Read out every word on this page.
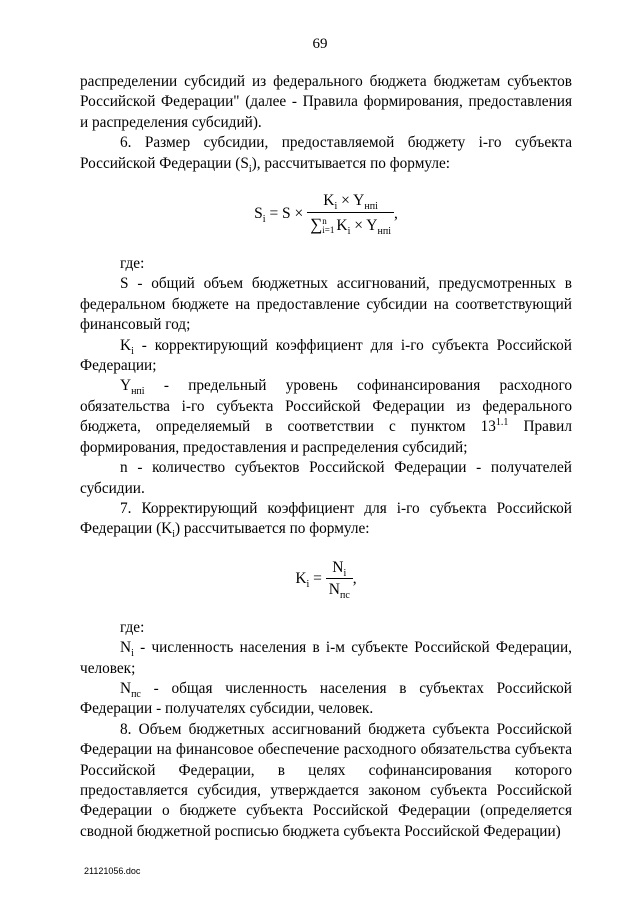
69

распределении субсидий из федерального бюджета бюджетам субъектов Российской Федерации" (далее - Правила формирования, предоставления и распределения субсидий).

6. Размер субсидии, предоставляемой бюджету i-го субъекта Российской Федерации $(S_i)$, рассчитывается по формуле:

$S_i = S \times K_i \times Y_{нпi}$
∑ n
i=1 $K_i \times Y_{нпi}$ ,

где:

S - общий объем бюджетных ассигнований, предусмотренных в федеральном бюджете на предоставление субсидии на соответствующий финансовый год;

$K_i$ - корректирующий коэффициент для i-го субъекта Российской Федерации;

$Y_{нпi}$ - предельный уровень софинансирования расходного обязательства i-го субъекта Российской Федерации из федерального бюджета, определяемый в соответствии с пунктом $13^{1.1}$ Правил формирования, предоставления и распределения субсидий;

n - количество субъектов Российской Федерации - получателей субсидии.

7. Корректирующий коэффициент для i-го субъекта Российской Федерации $(K_i)$ рассчитывается по формуле:

$K_i = \frac{N_i}{N_{пс}}$ ,

где:

$N_i$ - численность населения в i-м субъекте Российской Федерации, человек;

$N_{пс}$ - общая численность населения в субъектах Российской Федерации - получателях субсидии, человек.

8. Объем бюджетных ассигнований бюджета субъекта Российской Федерации на финансовое обеспечение расходного обязательства субъекта Российской Федерации, в целях софинансирования которого предоставляется субсидия, утверждается законом субъекта Российской Федерации о бюджете субъекта Российской Федерации (определяется сводной бюджетной росписью бюджета субъекта Российской Федерации)

21121056.doc
